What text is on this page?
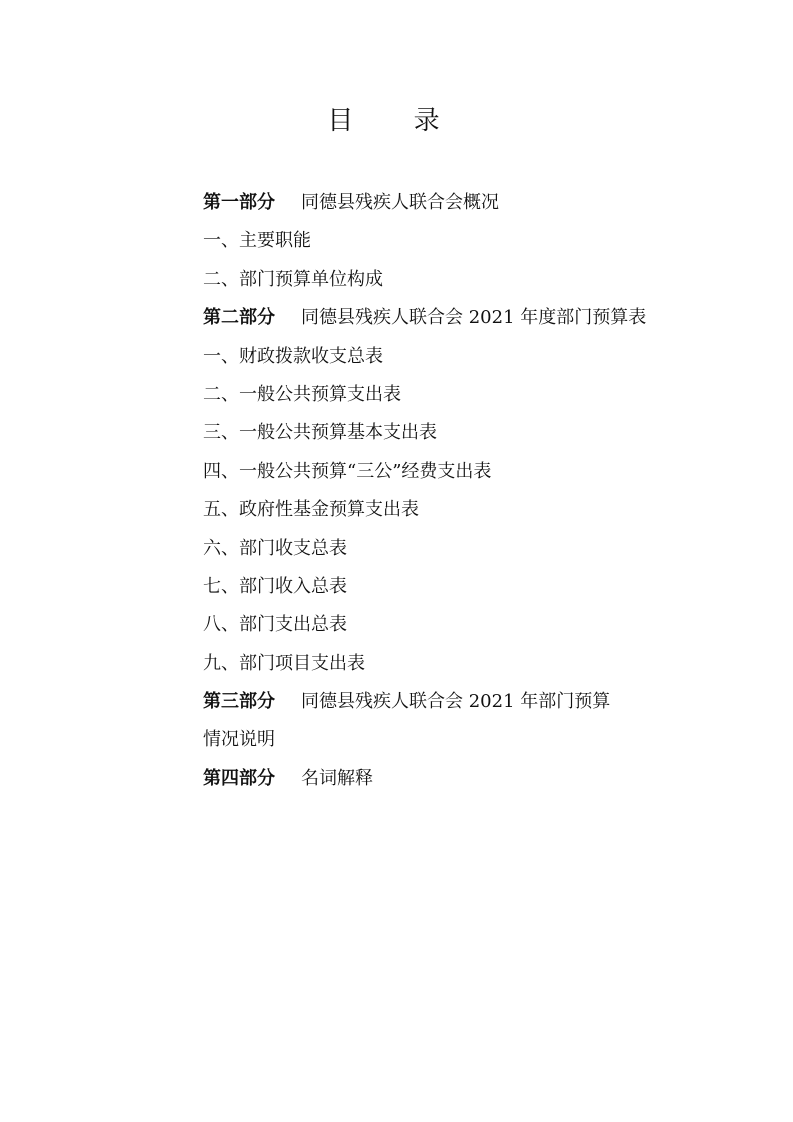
目 录
第一部分 同德县残疾人联合会概况
一、主要职能
二、部门预算单位构成
第二部分 同德县残疾人联合会 2021 年度部门预算表
一、财政拨款收支总表
二、一般公共预算支出表
三、一般公共预算基本支出表
四、一般公共预算“三公”经费支出表
五、政府性基金预算支出表
六、部门收支总表
七、部门收入总表
八、部门支出总表
九、部门项目支出表
第三部分 同德县残疾人联合会 2021 年部门预算
情况说明
第四部分 名词解释
